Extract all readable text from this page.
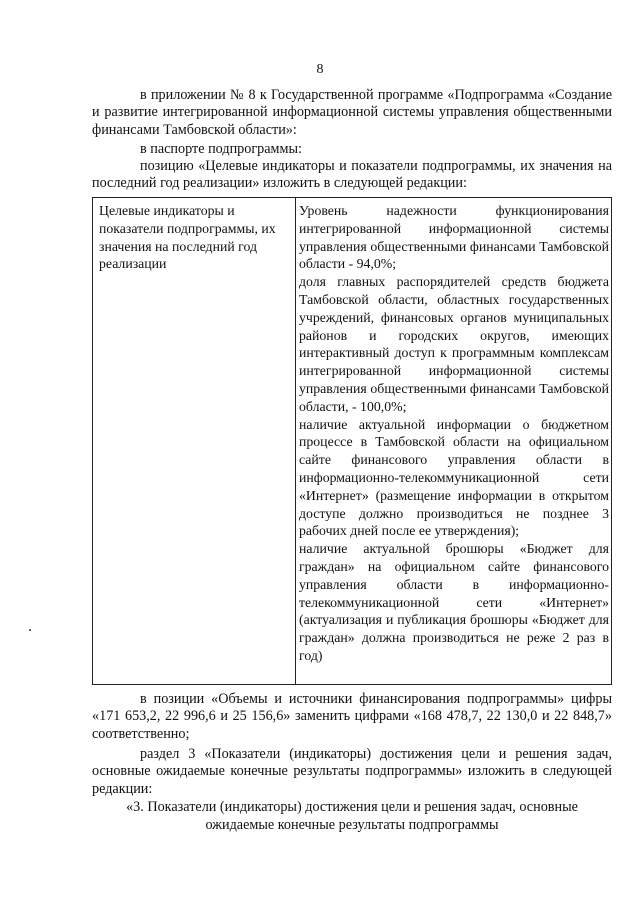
8
в приложении № 8 к Государственной программе «Подпрограмма «Создание и развитие интегрированной информационной системы управления общественными финансами Тамбовской области»:
в паспорте подпрограммы:
позицию «Целевые индикаторы и показатели подпрограммы, их значения на последний год реализации» изложить в следующей редакции:
Целевые индикаторы и показатели подпрограммы, их значения на последний год реализации

Уровень надежности функционирования интегрированной информационной системы управления общественными финансами Тамбовской области - 94,0%;

доля главных распорядителей средств бюджета Тамбовской области, областных государственных учреждений, финансовых органов муниципальных районов и городских округов, имеющих интерактивный доступ к программным комплексам интегрированной информационной системы управления общественными финансами Тамбовской области, - 100,0%;

наличие актуальной информации о бюджетном процессе в Тамбовской области на официальном сайте финансового управления области в информационно-телекоммуникационной сети «Интернет» (размещение информации в открытом доступе должно производиться не позднее 3 рабочих дней после ее утверждения);

наличие актуальной брошюры «Бюджет для граждан» на официальном сайте финансового управления области в информационно-телекоммуникационной сети «Интернет» (актуализация и публикация брошюры «Бюджет для граждан» должна производиться не реже 2 раз в год)

в позиции «Объемы и источники финансирования подпрограммы» цифры «171 653,2, 22 996,6 и 25 156,6» заменить цифрами «168 478,7, 22 130,0 и 22 848,7» соответственно;
раздел 3 «Показатели (индикаторы) достижения цели и решения задач, основные ожидаемые конечные результаты подпрограммы» изложить в следующей редакции:
«3. Показатели (индикаторы) достижения цели и решения задач, основные ожидаемые конечные результаты подпрограммы
